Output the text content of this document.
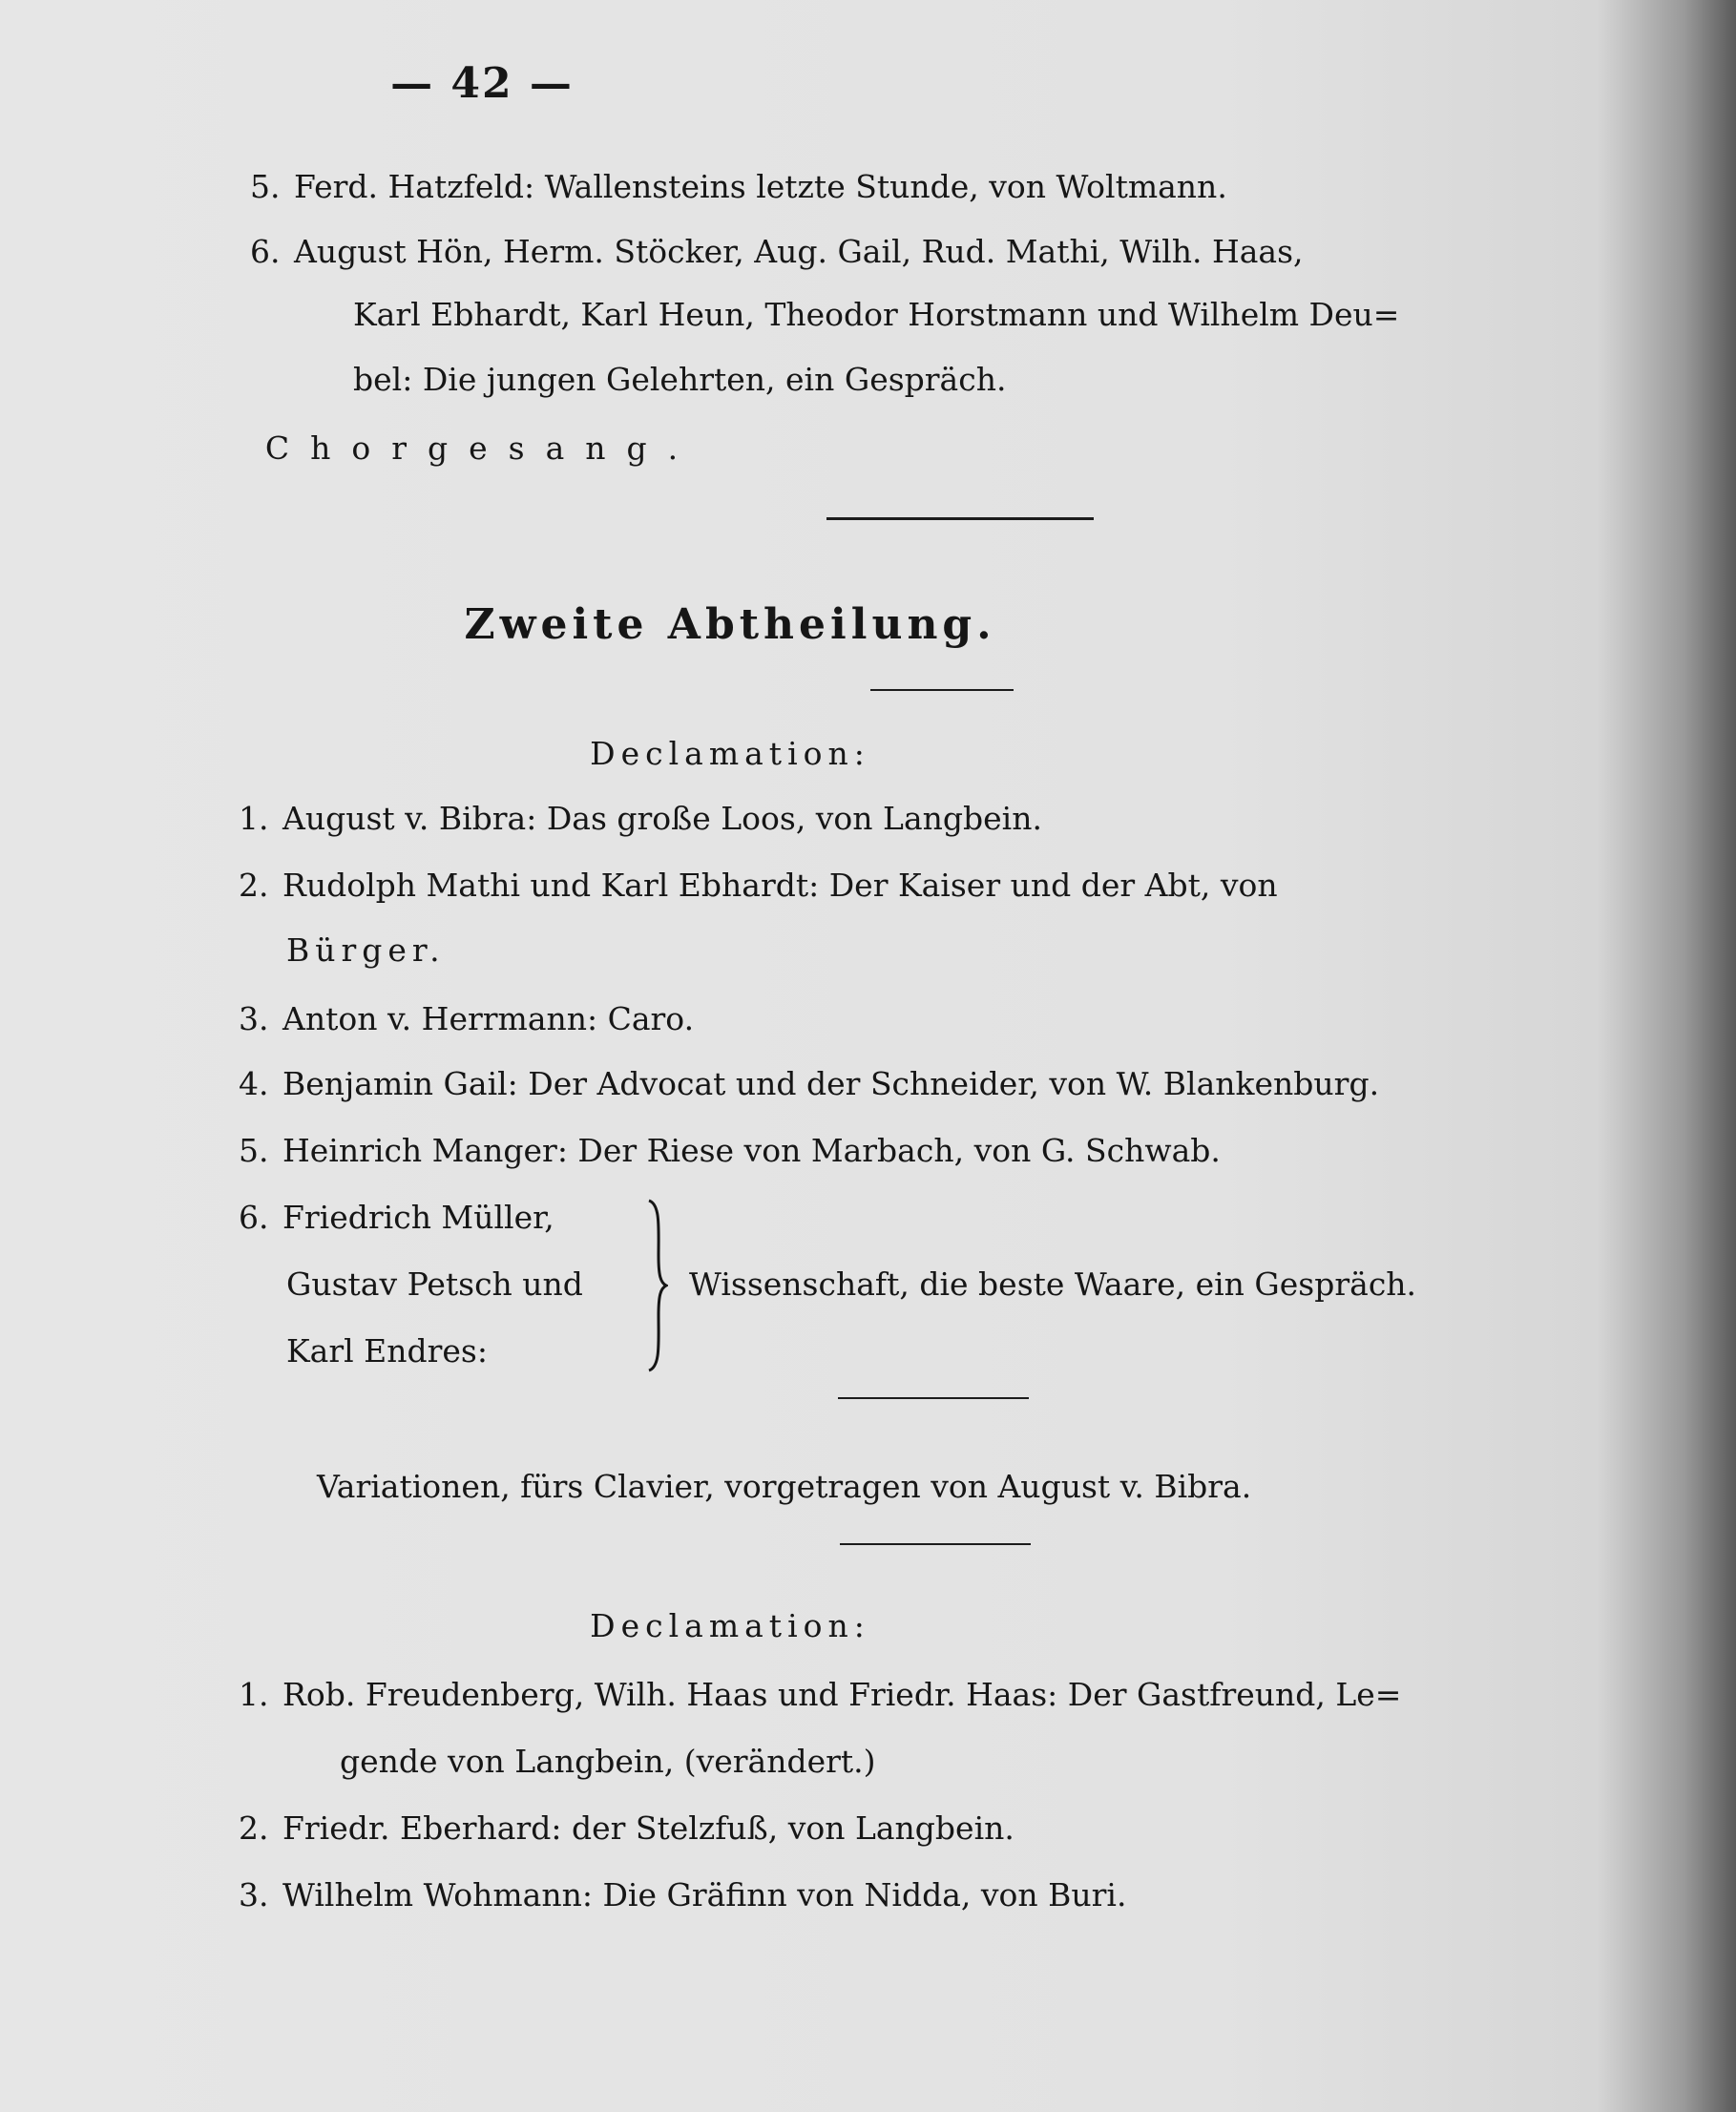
— 42 —
5. Ferd. Hatzfeld: Wallensteins letzte Stunde, von Woltmann.
6. August Hön, Herm. Stöcker, Aug. Gail, Rud. Mathi, Wilh. Haas,
Karl Ebhardt, Karl Heun, Theodor Horstmann und Wilhelm Deu=
bel: Die jungen Gelehrten, ein Gespräch.
Chorgesang.
Zweite Abtheilung.
Declamation:
1. August v. Bibra: Das große Loos, von Langbein.
2. Rudolph Mathi und Karl Ebhardt: Der Kaiser und der Abt, von
Bürger.
3. Anton v. Herrmann: Caro.
4. Benjamin Gail: Der Advocat und der Schneider, von W. Blankenburg.
5. Heinrich Manger: Der Riese von Marbach, von G. Schwab.
6. Friedrich Müller,
Gustav Petsch und
Karl Endres:
Wissenschaft, die beste Waare, ein Gespräch.
Variationen, fürs Clavier, vorgetragen von August v. Bibra.
Declamation:
1. Rob. Freudenberg, Wilh. Haas und Friedr. Haas: Der Gastfreund, Le=
gende von Langbein, (verändert.)
2. Friedr. Eberhard: der Stelzfuß, von Langbein.
3. Wilhelm Wohmann: Die Gräfinn von Nidda, von Buri.
